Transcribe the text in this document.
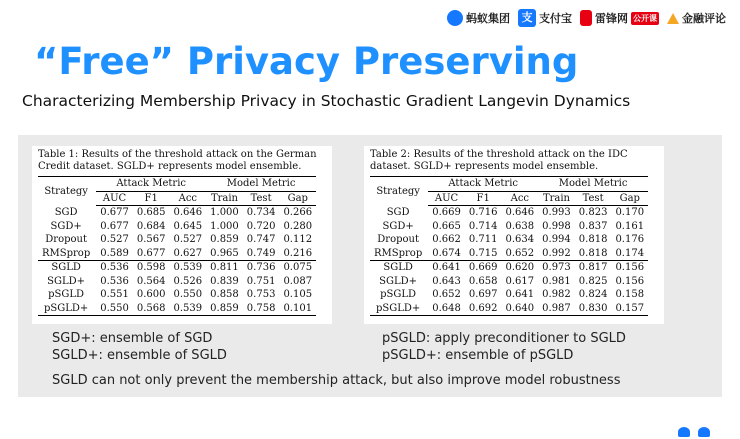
蚂蚁集团	支 支付宝 雷锋网 公开课 金融评论
“Free” Privacy Preserving
Characterizing Membership Privacy in Stochastic Gradient Langevin Dynamics
Table 1: Results of the threshold attack on the German Credit dataset. SGLD+ represents model ensemble.
Strategy	Attack Metric			Model Metric		
	AUC	F1	Acc	Train	Test	Gap
SGD	0.677	0.685	0.646	1.000	0.734	0.266
SGD+	0.677	0.684	0.645	1.000	0.720	0.280
Dropout	0.527	0.567	0.527	0.859	0.747	0.112
RMSprop	0.589	0.677	0.627	0.965	0.749	0.216
SGLD	0.536	0.598	0.539	0.811	0.736	0.075
SGLD+	0.536	0.564	0.526	0.839	0.751	0.087
pSGLD	0.551	0.600	0.550	0.858	0.753	0.105
pSGLD+	0.550	0.568	0.539	0.859	0.758	0.101
Table 2: Results of the threshold attack on the IDC dataset. SGLD+ represents model ensemble.
Strategy	Attack Metric			Model Metric		
	AUC	F1	Acc	Train	Test	Gap
SGD	0.669	0.716	0.646	0.993	0.823	0.170
SGD+	0.665	0.714	0.638	0.998	0.837	0.161
Dropout	0.662	0.711	0.634	0.994	0.818	0.176
RMSprop	0.674	0.715	0.652	0.992	0.818	0.174
SGLD	0.641	0.669	0.620	0.973	0.817	0.156
SGLD+	0.643	0.658	0.617	0.981	0.825	0.156
pSGLD	0.652	0.697	0.641	0.982	0.824	0.158
pSGLD+	0.648	0.692	0.640	0.987	0.830	0.157
SGD+: ensemble of SGD
SGLD+: ensemble of SGLD
pSGLD: apply preconditioner to SGLD
pSGLD+: ensemble of pSGLD
SGLD can not only prevent the membership attack, but also improve model robustness
